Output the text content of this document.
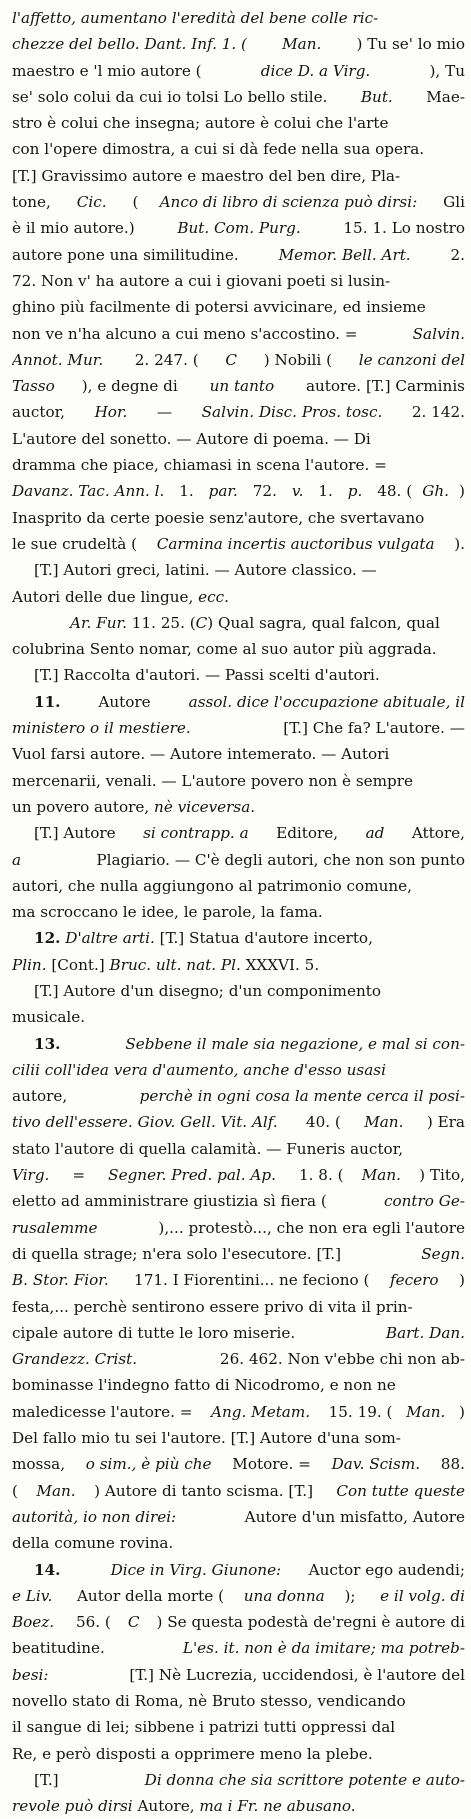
l'affetto, aumentano l'eredità del bene colle ric-
chezze del bello. Dant. Inf. 1. ( Man. ) Tu se' lo mio
maestro e 'l mio autore (	dice D. a Virg.	), Tu
se' solo colui da cui io tolsi Lo bello stile. But. Mae-
stro è colui che insegna; autore è colui che l'arte
con l'opere dimostra, a cui si dà fede nella sua opera.
[T.] Gravissimo autore e maestro del ben dire, Pla-
tone, Cic. ( Anco di libro di scienza può dirsi: Gli
è il mio autore.) But. Com. Purg. 15. 1. Lo nostro
autore pone una similitudine. Memor. Bell. Art. 2.
72. Non v' ha autore a cui i giovani poeti si lusin-
ghino più facilmente di potersi avvicinare, ed insieme
non ve n'ha alcuno a cui meno s'accostino. =	Salvin.
Annot. Mur. 2. 247. ( C ) Nobili ( le canzoni del
Tasso ), e degne di un tanto autore. [T.] Carminis
auctor, Hor. — Salvin. Disc. Pros. tosc. 2. 142.
L'autore del sonetto. — Autore di poema. — Di
dramma che piace, chiamasi in scena l'autore. =
Davanz. Tac. Ann. l. 1. par. 72. v. 1. p. 48. ( Gh. )
Inasprito da certe poesie senz'autore, che svertavano
le sue crudeltà ( Carmina incertis auctoribus vulgata ).
[T.] Autori greci, latini. — Autore classico. —
Autori delle due lingue, ecc.
Ar. Fur. 11. 25. ( C ) Qual sagra, qual falcon, qual
colubrina Sento nomar, come al suo autor più aggrada.
[T.] Raccolta d'autori. — Passi scelti d'autori.
11. Autore assol. dice l'occupazione abituale, il
ministero o il mestiere.	[T.] Che fa? L'autore. —
Vuol farsi autore. — Autore intemerato. — Autori
mercenarii, venali. — L'autore povero non è sempre
un povero autore, nè viceversa.
[T.] Autore si contrapp. a Editore, ad Attore,
a	Plagiario. — C'è degli autori, che non son punto
autori, che nulla aggiungono al patrimonio comune,
ma scroccano le idee, le parole, la fama.
12.
D'altre arti. [T.] Statua d'autore incerto,
Plin. [Cont.] Bruc. ult. nat. Pl. XXXVI. 5.
[T.] Autore d'un disegno; d'un componimento
musicale.
13.
	Sebbene il male sia negazione, e mal si con-
cilii coll'idea vera d'aumento, anche d'esso usasi
autore,	perchè in ogni cosa la mente cerca il posi-
tivo dell'essere. Giov. Gell. Vit. Alf. 40. ( Man. ) Era
stato l'autore di quella calamità. — Funeris auctor,
Virg. = Segner. Pred. pal. Ap. 1. 8. ( Man. ) Tito,
eletto ad amministrare giustizia sì fiera (	contro Ge-
rusalemme	),... protestò..., che non era egli l'autore
di quella strage; n'era solo l'esecutore. [T.]	Segn.
B. Stor. Fior. 171. I Fiorentini... ne feciono ( fecero )
festa,... perchè sentirono essere privo di vita il prin-
cipale autore di tutte le loro miserie.	Bart. Dan.
Grandezz. Crist.	26. 462. Non v'ebbe chi non ab-
bominasse l'indegno fatto di Nicodromo, e non ne
maledicesse l'autore. = Ang. Metam. 15. 19. ( Man. )
Del fallo mio tu sei l'autore. [T.] Autore d'una som-
mossa, o sim., è più che Motore. = Dav. Scism. 88.
( Man. ) Autore di tanto scisma. [T.] Con tutte queste
autorità, io non direi:	Autore d'un misfatto, Autore
della comune rovina.
14.
	Dice in Virg. Giunone: Auctor ego audendi;
e Liv. Autor della morte ( una donna ); e il volg. di
Boez. 56. ( C ) Se questa podestà de'regni è autore di
beatitudine.	L'es. it. non è da imitare; ma potreb-
besi:	[T.] Nè Lucrezia, uccidendosi, è l'autore del
novello stato di Roma, nè Bruto stesso, vendicando
il sangue di lei; sibbene i patrizi tutti oppressi dal
Re, e però disposti a opprimere meno la plebe.
[T.]	Di donna che sia scrittore potente e auto-
revole può dirsi Autore, ma i Fr. ne abusano.
